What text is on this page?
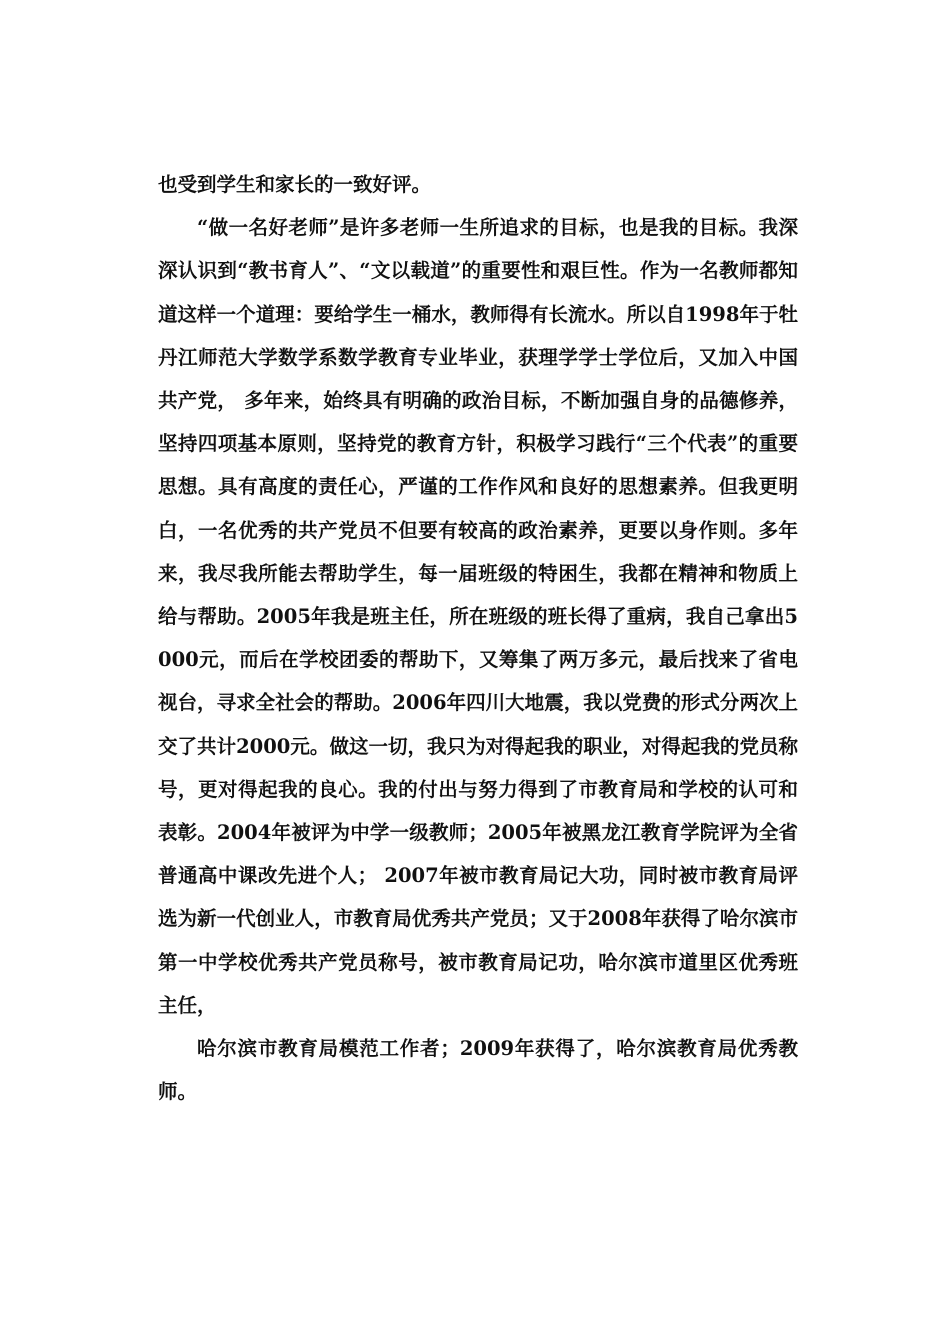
也受到学生和家长的一致好评。

“做一名好老师”是许多老师一生所追求的目标，也是我的目标。我深深认识到“教书育人”、“文以载道”的重要性和艰巨性。作为一名教师都知道这样一个道理：要给学生一桶水，教师得有长流水。所以自1998年于牡丹江师范大学数学系数学教育专业毕业，获理学学士学位后，又加入中国共产党， 多年来，始终具有明确的政治目标，不断加强自身的品德修养，坚持四项基本原则，坚持党的教育方针，积极学习践行“三个代表”的重要思想。具有高度的责任心，严谨的工作作风和良好的思想素养。但我更明白，一名优秀的共产党员不但要有较高的政治素养，更要以身作则。多年来，我尽我所能去帮助学生，每一届班级的特困生，我都在精神和物质上给与帮助。2005年我是班主任，所在班级的班长得了重病，我自己拿出5000元，而后在学校团委的帮助下，又筹集了两万多元，最后找来了省电视台，寻求全社会的帮助。2006年四川大地震，我以党费的形式分两次上交了共计2000元。做这一切，我只为对得起我的职业，对得起我的党员称号，更对得起我的良心。我的付出与努力得到了市教育局和学校的认可和表彰。2004年被评为中学一级教师；2005年被黑龙江教育学院评为全省普通高中课改先进个人； 2007年被市教育局记大功，同时被市教育局评选为新一代创业人，市教育局优秀共产党员；又于2008年获得了哈尔滨市第一中学校优秀共产党员称号，被市教育局记功，哈尔滨市道里区优秀班主任，

哈尔滨市教育局模范工作者；2009年获得了，哈尔滨教育局优秀教师。
